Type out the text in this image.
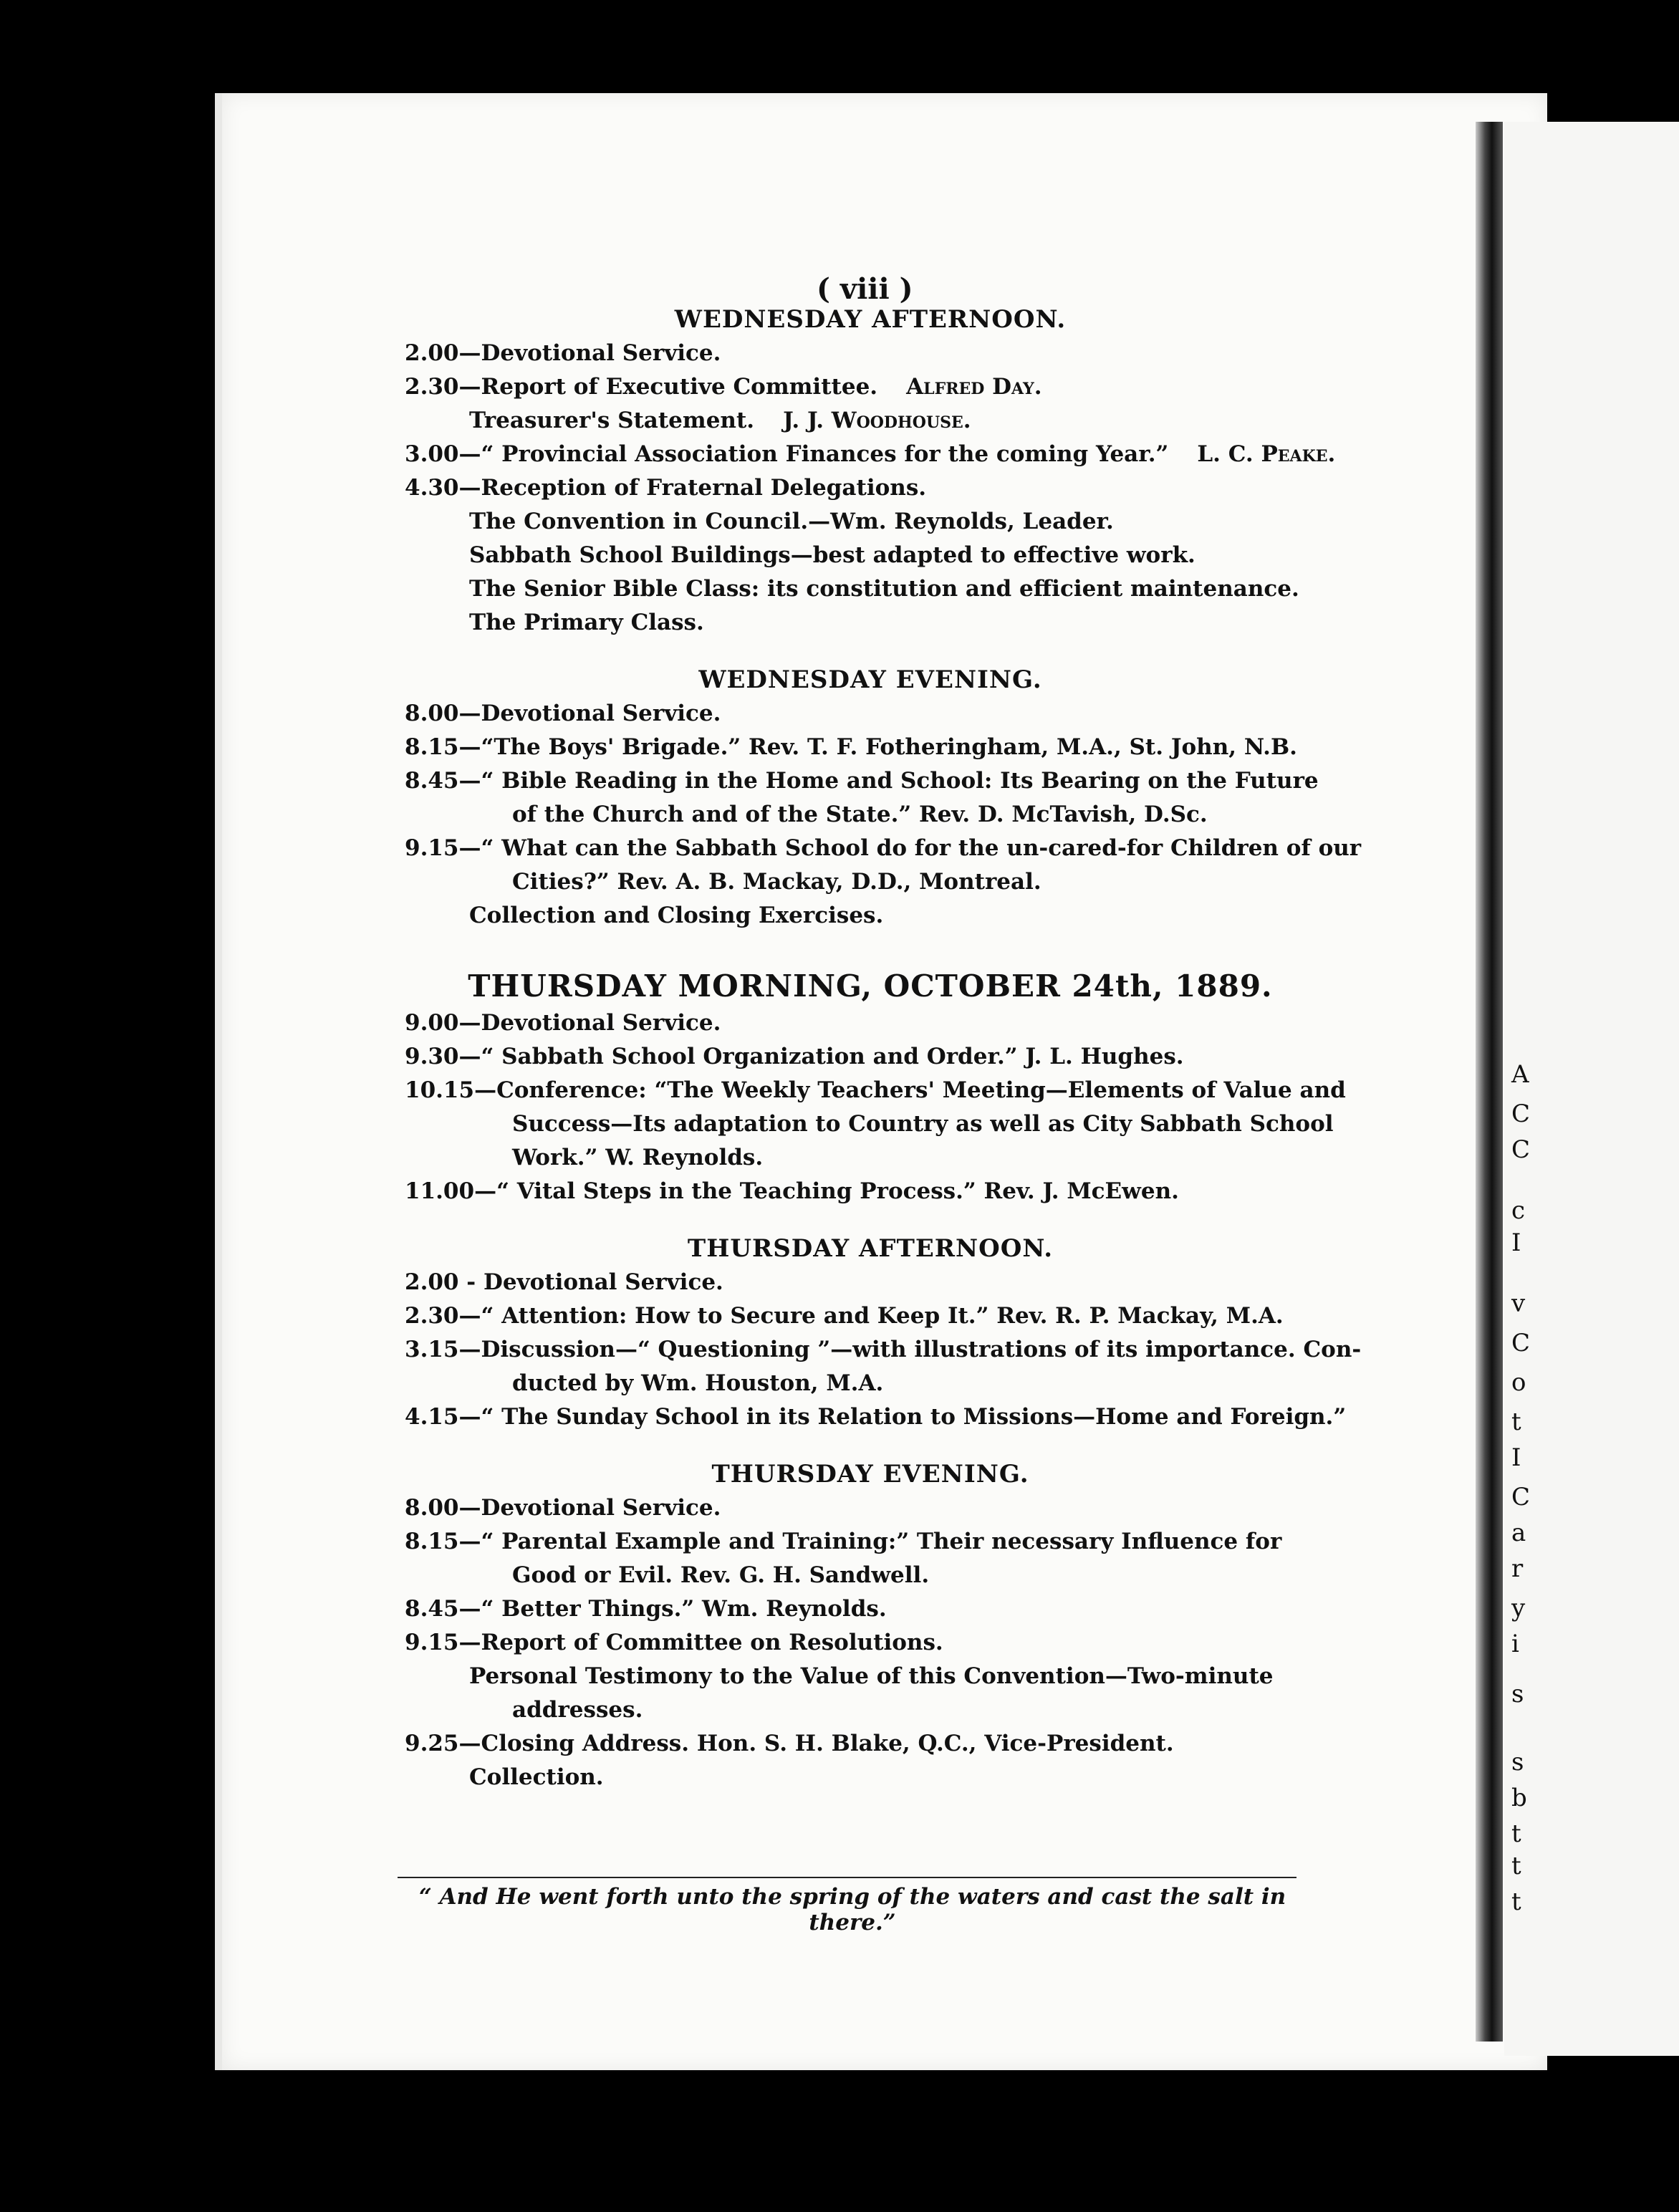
A
C
C
c
I
v
C
o
t
I
C
a
r
y
i
s
s
b
t
t
t
( viii )
WEDNESDAY AFTERNOON.
2.00—Devotional Service.
2.30—Report of Executive Committee. Alfred Day.
Treasurer's Statement. J. J. Woodhouse.
3.00—“ Provincial Association Finances for the coming Year.” L. C. Peake.
4.30—Reception of Fraternal Delegations.
The Convention in Council.—Wm. Reynolds, Leader.
Sabbath School Buildings—best adapted to effective work.
The Senior Bible Class: its constitution and efficient maintenance.
The Primary Class.
WEDNESDAY EVENING.
8.00—Devotional Service.
8.15—“The Boys' Brigade.” Rev. T. F. Fotheringham, M.A., St. John, N.B.
8.45—“ Bible Reading in the Home and School: Its Bearing on the Future
of the Church and of the State.” Rev. D. McTavish, D.Sc.
9.15—“ What can the Sabbath School do for the un-cared-for Children of our
Cities?” Rev. A. B. Mackay, D.D., Montreal.
Collection and Closing Exercises.
THURSDAY MORNING, OCTOBER 24th, 1889.
9.00—Devotional Service.
9.30—“ Sabbath School Organization and Order.” J. L. Hughes.
10.15—Conference: “The Weekly Teachers' Meeting—Elements of Value and
Success—Its adaptation to Country as well as City Sabbath School
Work.” W. Reynolds.
11.00—“ Vital Steps in the Teaching Process.” Rev. J. McEwen.
THURSDAY AFTERNOON.
2.00 - Devotional Service.
2.30—“ Attention: How to Secure and Keep It.” Rev. R. P. Mackay, M.A.
3.15—Discussion—“ Questioning ”—with illustrations of its importance. Con-
ducted by Wm. Houston, M.A.
4.15—“ The Sunday School in its Relation to Missions—Home and Foreign.”
THURSDAY EVENING.
8.00—Devotional Service.
8.15—“ Parental Example and Training:” Their necessary Influence for
Good or Evil. Rev. G. H. Sandwell.
8.45—“ Better Things.” Wm. Reynolds.
9.15—Report of Committee on Resolutions.
Personal Testimony to the Value of this Convention—Two-minute
addresses.
9.25—Closing Address. Hon. S. H. Blake, Q.C., Vice-President.
Collection.
“ And He went forth unto the spring of the waters and cast the salt in there.”
